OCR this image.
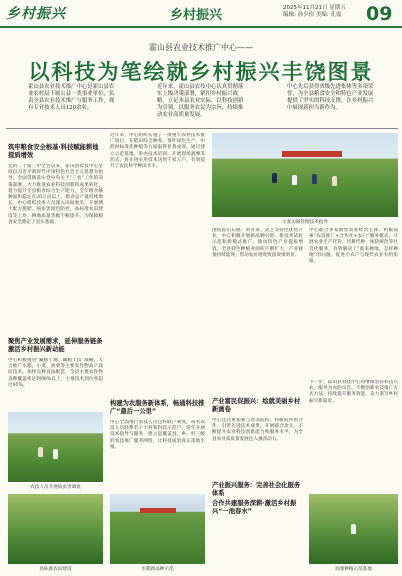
乡村振兴	乡村振兴	2025年11月21日 星期五
编辑: 孙少伟 美编: 孔震 09
霍山县农业技术推广中心——
以科技为笔绘就乡村振兴丰饶图景
霍山县农业技术推广中心是霍山县农业农村局下属公益一类事业单位，负责全县农业技术推广与服务工作，现有专业技术人员120余名。
近年来，霍山县农技中心认真贯彻落实上级决策部署，紧扣乡村振兴战略，立足本县农业实际，以科技创新为引领，以服务农民为宗旨，持续推动农业高质量发展。
中心先后获得省级先进集体等多项荣誉，为全县粮食安全和特色产业发展提供了坚实的科技支撑，在乡村振兴中展现新担当新作为。
筑牢粮食安全根基·科技赋能耕地提质增效
党的二十届三中全会以来，霍山县农技中心坚持以习近平新时代中国特色社会主义思想为指导，全面贯彻落实党中央关于“三农”工作的决策部署，大力推进农业科技创新和成果转化，着力提升全县粮食综合生产能力，全年粮食播种面积稳定在20万亩以上，粮食总产量持续增长。中心组织技术人员深入田间地头，开展测土配方施肥、病虫害绿色防控、高标准农田建设等工作，耕地质量等级不断提升，为保障粮食安全奠定了坚实基础。
聚焦产业发展需求，延伸服务链条激活乡村振兴新动能
中心积极推进“藏粮于地、藏粮于技”战略，大力推广水稻、小麦、油菜等主要农作物高产栽培技术，加快良种良法配套，全县主要农作物良种覆盖率达到98%以上，主推技术到位率超过95%。
农技人员开展病虫害调查
高标准农田建设
近年来，中心组织实施了一批重大农业技术推广项目，在稻田综合种养、茶叶绿色生产、中药材标准化种植等方面取得显著成效。通过建立示范基地、举办技术培训、开展现场观摩等形式，将先进实用技术送到千家万户，有效提升了农民科学种田水平。
构建为农服务新体系，畅通科技推广“最后一公里”
中心全面推行农技人员包村联户制度，每名农技人员联系若干个村和科技示范户，常年开展技术指导与服务，建立起覆盖县、乡、村三级的农技推广服务网络，让科技成果真正落地生根。
水稻新品种示范
小麦田间管理技术指导
围绕霍山石斛、黄芽茶、灵芝等特色优势产业，中心积极开展新品种引进、新技术试验示范和新模式推广，推动特色产业提质增效。全县特色种植业面积不断扩大，产业链条持续延伸，带动农民增收致富效果明显。
产业富民促振兴：绘就美丽乡村新画卷
中心还注重加强与高等院校、科研院所的合作，引进先进技术成果，开展联合攻关，不断提升农业科技创新能力和服务水平，为全县农业高质量发展注入强劲动力。
产业振兴服务：完善社会化服务体系
中心联合多家新型农业经营主体，积极探索“农技推广+合作社+农户”服务模式，开展农业生产托管、代耕代种、统防统治等社会化服务，有效解决了“谁来种地、怎样种地”的问题，促进小农户与现代农业有机衔接。
下一步，霍山县农技中心将继续坚持科技兴农、服务为农的宗旨，不断创新农技推广方式方法，持续提升服务效能，奋力谱写乡村振兴新篇章。
油菜种植示范基地
合作共建服务深耕·激活乡村振兴“一池春水”
